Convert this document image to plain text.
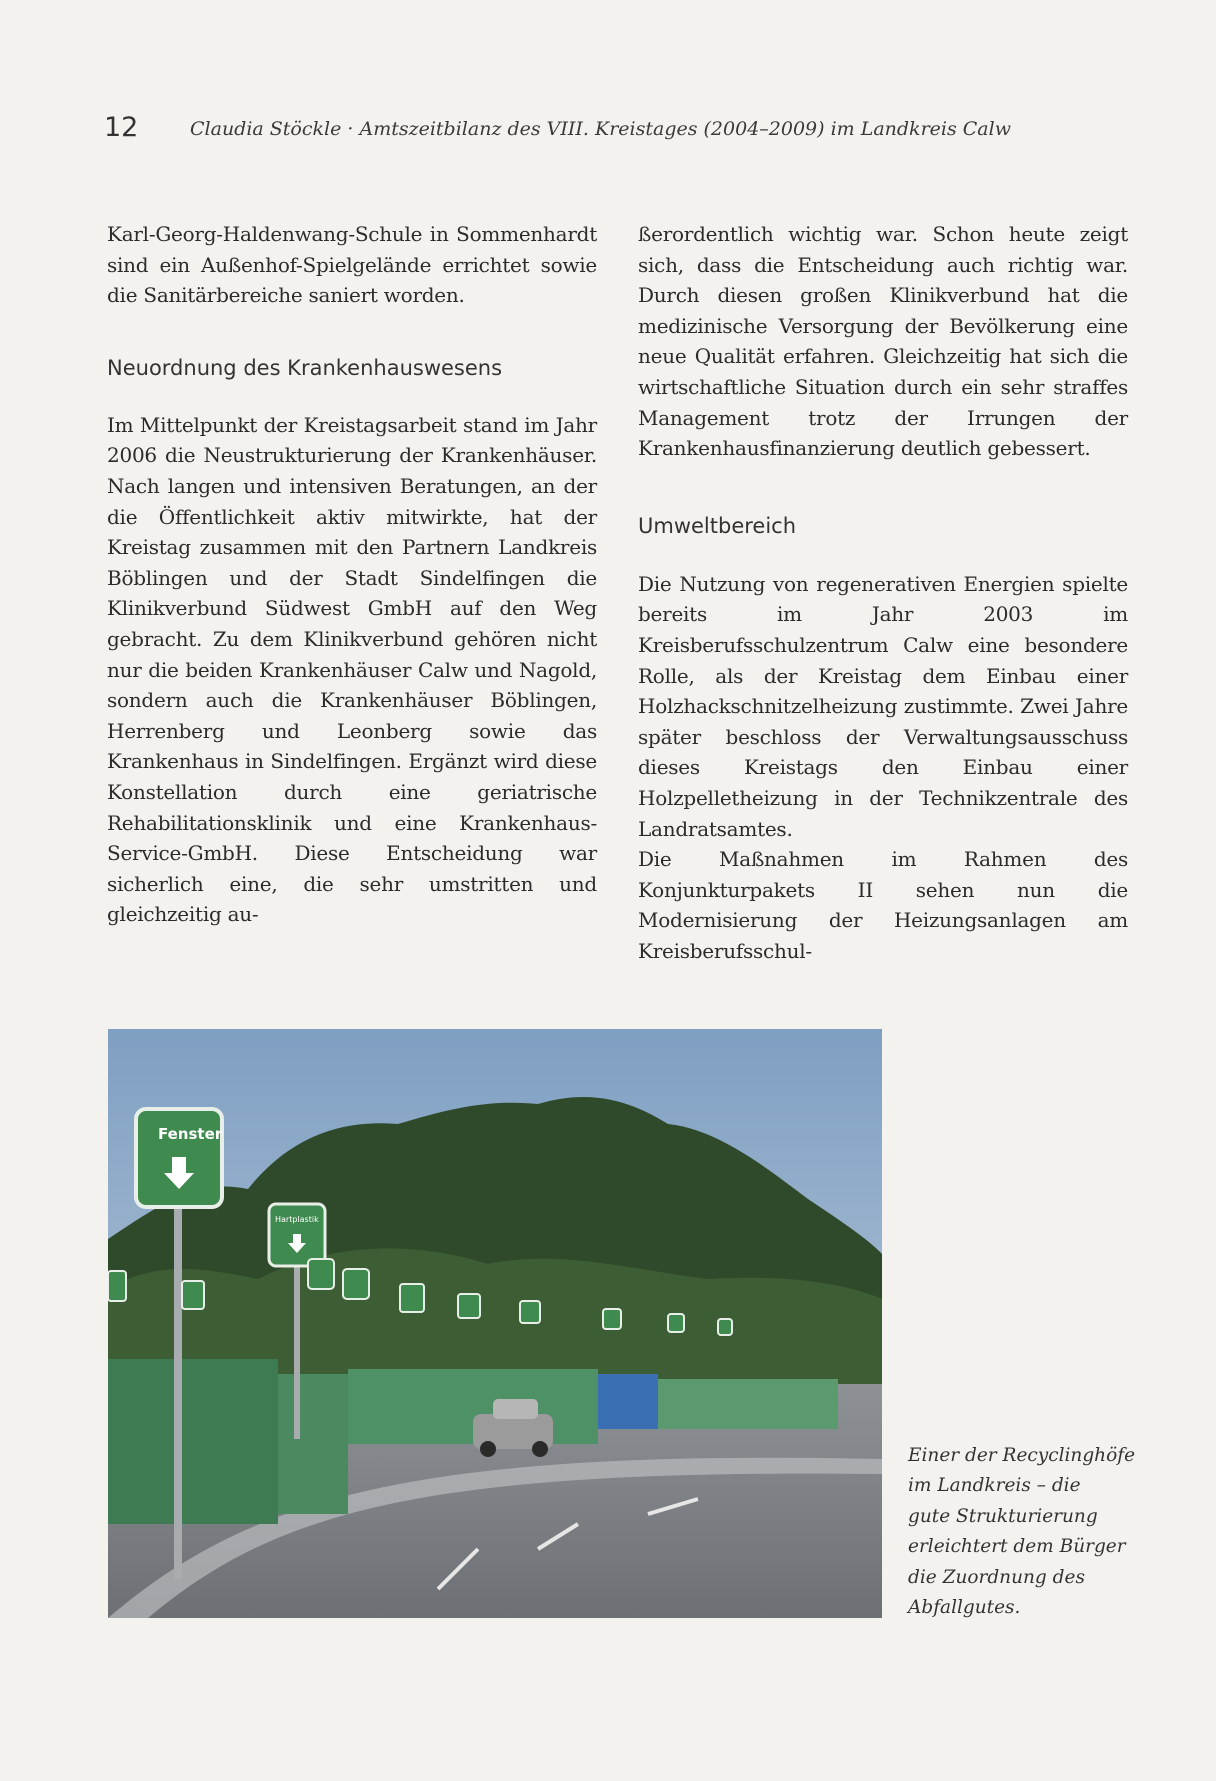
12	Claudia Stöckle · Amtszeitbilanz des VIII. Kreistages (2004–2009) im Landkreis Calw

Karl-Georg-Haldenwang-Schule in Sommenhardt sind ein Außenhof-Spielgelände errichtet sowie die Sanitärbereiche saniert worden.

Neuordnung des Krankenhauswesens

Im Mittelpunkt der Kreistagsarbeit stand im Jahr 2006 die Neustrukturierung der Krankenhäuser. Nach langen und intensiven Beratungen, an der die Öffentlichkeit aktiv mitwirkte, hat der Kreistag zusammen mit den Partnern Landkreis Böblingen und der Stadt Sindelfingen die Klinikverbund Südwest GmbH auf den Weg gebracht. Zu dem Klinikverbund gehören nicht nur die beiden Krankenhäuser Calw und Nagold, sondern auch die Krankenhäuser Böblingen, Herrenberg und Leonberg sowie das Krankenhaus in Sindelfingen. Ergänzt wird diese Konstellation durch eine geriatrische Rehabilitationsklinik und eine Krankenhaus-Service-GmbH. Diese Entscheidung war sicherlich eine, die sehr umstritten und gleichzeitig au-

ßerordentlich wichtig war. Schon heute zeigt sich, dass die Entscheidung auch richtig war. Durch diesen großen Klinikverbund hat die medizinische Versorgung der Bevölkerung eine neue Qualität erfahren. Gleichzeitig hat sich die wirtschaftliche Situation durch ein sehr straffes Management trotz der Irrungen der Krankenhausfinanzierung deutlich gebessert.

Umweltbereich

Die Nutzung von regenerativen Energien spielte bereits im Jahr 2003 im Kreisberufsschulzentrum Calw eine besondere Rolle, als der Kreistag dem Einbau einer Holzhackschnitzelheizung zustimmte. Zwei Jahre später beschloss der Verwaltungsausschuss dieses Kreistags den Einbau einer Holzpelletheizung in der Technikzentrale des Landratsamtes.

Die Maßnahmen im Rahmen des Konjunkturpakets II sehen nun die Modernisierung der Heizungsanlagen am Kreisberufsschul-

Fenster
Hartplastik
Einer der Recyclinghöfe
im Landkreis – die
gute Strukturierung
erleichtert dem Bürger
die Zuordnung des
Abfallgutes.
